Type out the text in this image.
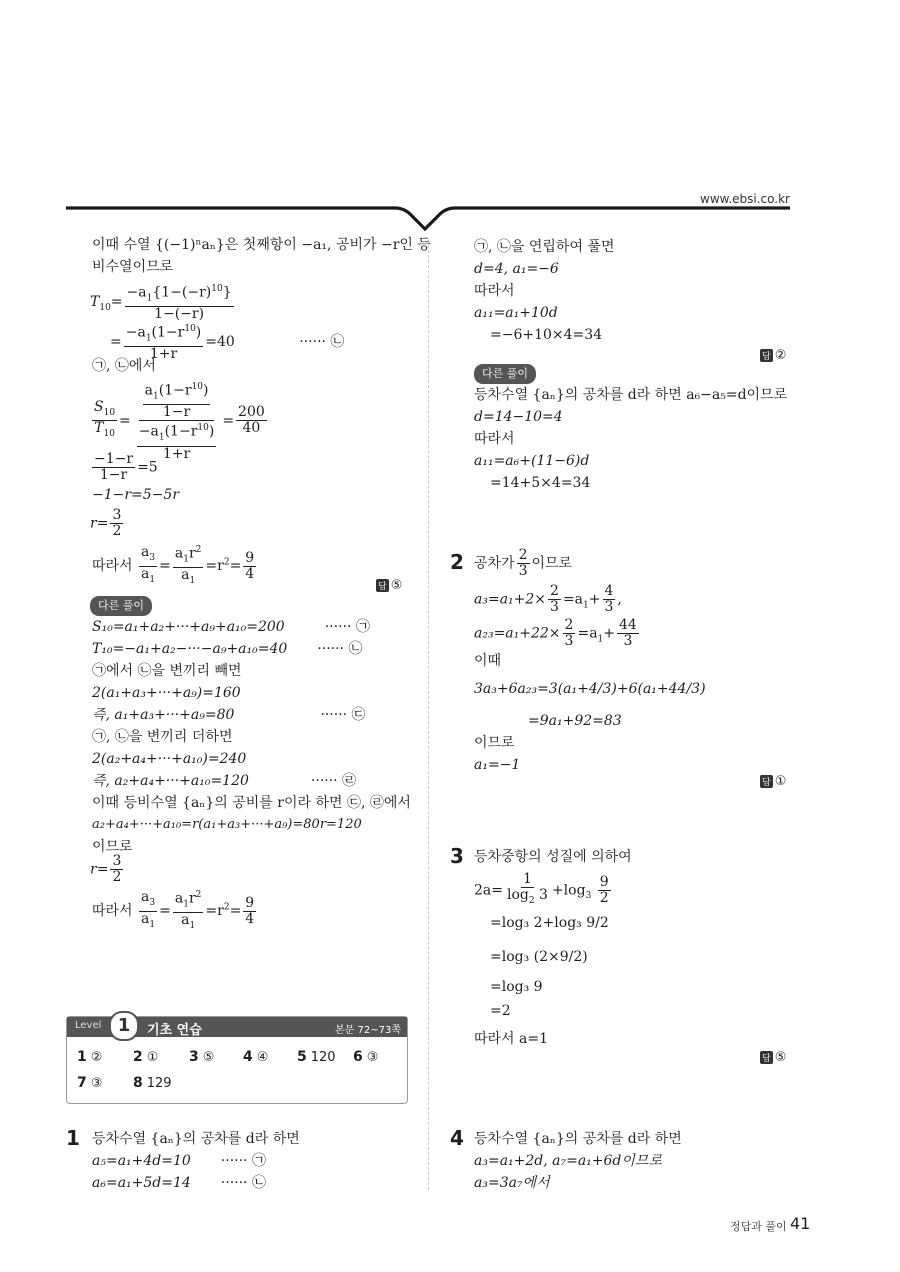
www.ebsi.co.kr
이때 수열 {(−1)ⁿaₙ}은 첫째항이 −a₁, 공비가 −r인 등
비수열이므로
$T_{10}= \frac{-a_1\{1-(-r)^{10}\}}{1-(-r)}$
= $\frac{-a_1(1-r^{10})}{1+r} =40$	······ ㉡
㉠, ㉡에서
$\frac{S_{10}}{T_{10}} = \frac{\frac{a_1(1-r^{10})}{1-r}}{\frac{-a_1(1-r^{10})}{1+r}} = \frac{200}{40}$
$\frac{-1-r}{1-r} =5$
−1−r=5−5r
$r= \frac{3}{2}$
따라서 $\frac{a_3}{a_1} = \frac{a_1r^2}{a_1} =r^2= \frac{9}{4}$
답 ⑤
다른 풀이
S₁₀=a₁+a₂+···+a₉+a₁₀=200	······ ㉠
T₁₀=−a₁+a₂−···−a₉+a₁₀=40 ······ ㉡
㉠에서 ㉡을 변끼리 빼면
2(a₁+a₃+···+a₉)=160
즉, a₁+a₃+···+a₉=80	······ ㉢
㉠, ㉡을 변끼리 더하면
2(a₂+a₄+···+a₁₀)=240
즉, a₂+a₄+···+a₁₀=120	······ ㉣
이때 등비수열 {aₙ}의 공비를 r이라 하면 ㉢, ㉣에서
a₂+a₄+···+a₁₀=r(a₁+a₃+···+a₉)=80r=120
이므로
$r= \frac{3}{2}$
따라서 $\frac{a_3}{a_1} = \frac{a_1r^2}{a_1} =r^2= \frac{9}{4}$
Level 1	기초 연습	본문 72~73쪽
1 ② 2 ① 3 ⑤ 4 ④ 5 120 6 ③
7 ③ 8 129
1 등차수열 {aₙ}의 공차를 d라 하면
a₅=a₁+4d=10 ······ ㉠
a₆=a₁+5d=14 ······ ㉡
㉠, ㉡을 연립하여 풀면
d=4, a₁=−6
따라서
a₁₁=a₁+10d
=−6+10×4=34
답 ②
다른 풀이
등차수열 {aₙ}의 공차를 d라 하면 a₆−a₅=d이므로
d=14−10=4
따라서
a₁₁=a₆+(11−6)d
=14+5×4=34
2 공차가 $\frac{2}{3}$ 이므로
$a_3=a_1+2\times \frac{2}{3} =a_1+ \frac{4}{3}$ ,
$a_{23}=a_1+22\times \frac{2}{3} =a_1+ \frac{44}{3}$
이때
3a₃+6a₂₃=3(a₁+4/3)+6(a₁+44/3)
=9a₁+92=83
이므로
a₁=−1
답 ①
3 등차중항의 성질에 의하여
$2a= \frac{1}{\log_2 3} +\log_3 \frac{9}{2}$
=log₃ 2+log₃ 9/2
=log₃ (2×9/2)
=log₃ 9
=2
따라서 a=1
답 ⑤
4 등차수열 {aₙ}의 공차를 d라 하면
a₃=a₁+2d, a₇=a₁+6d이므로
a₃=3a₇에서
정답과 풀이 41
